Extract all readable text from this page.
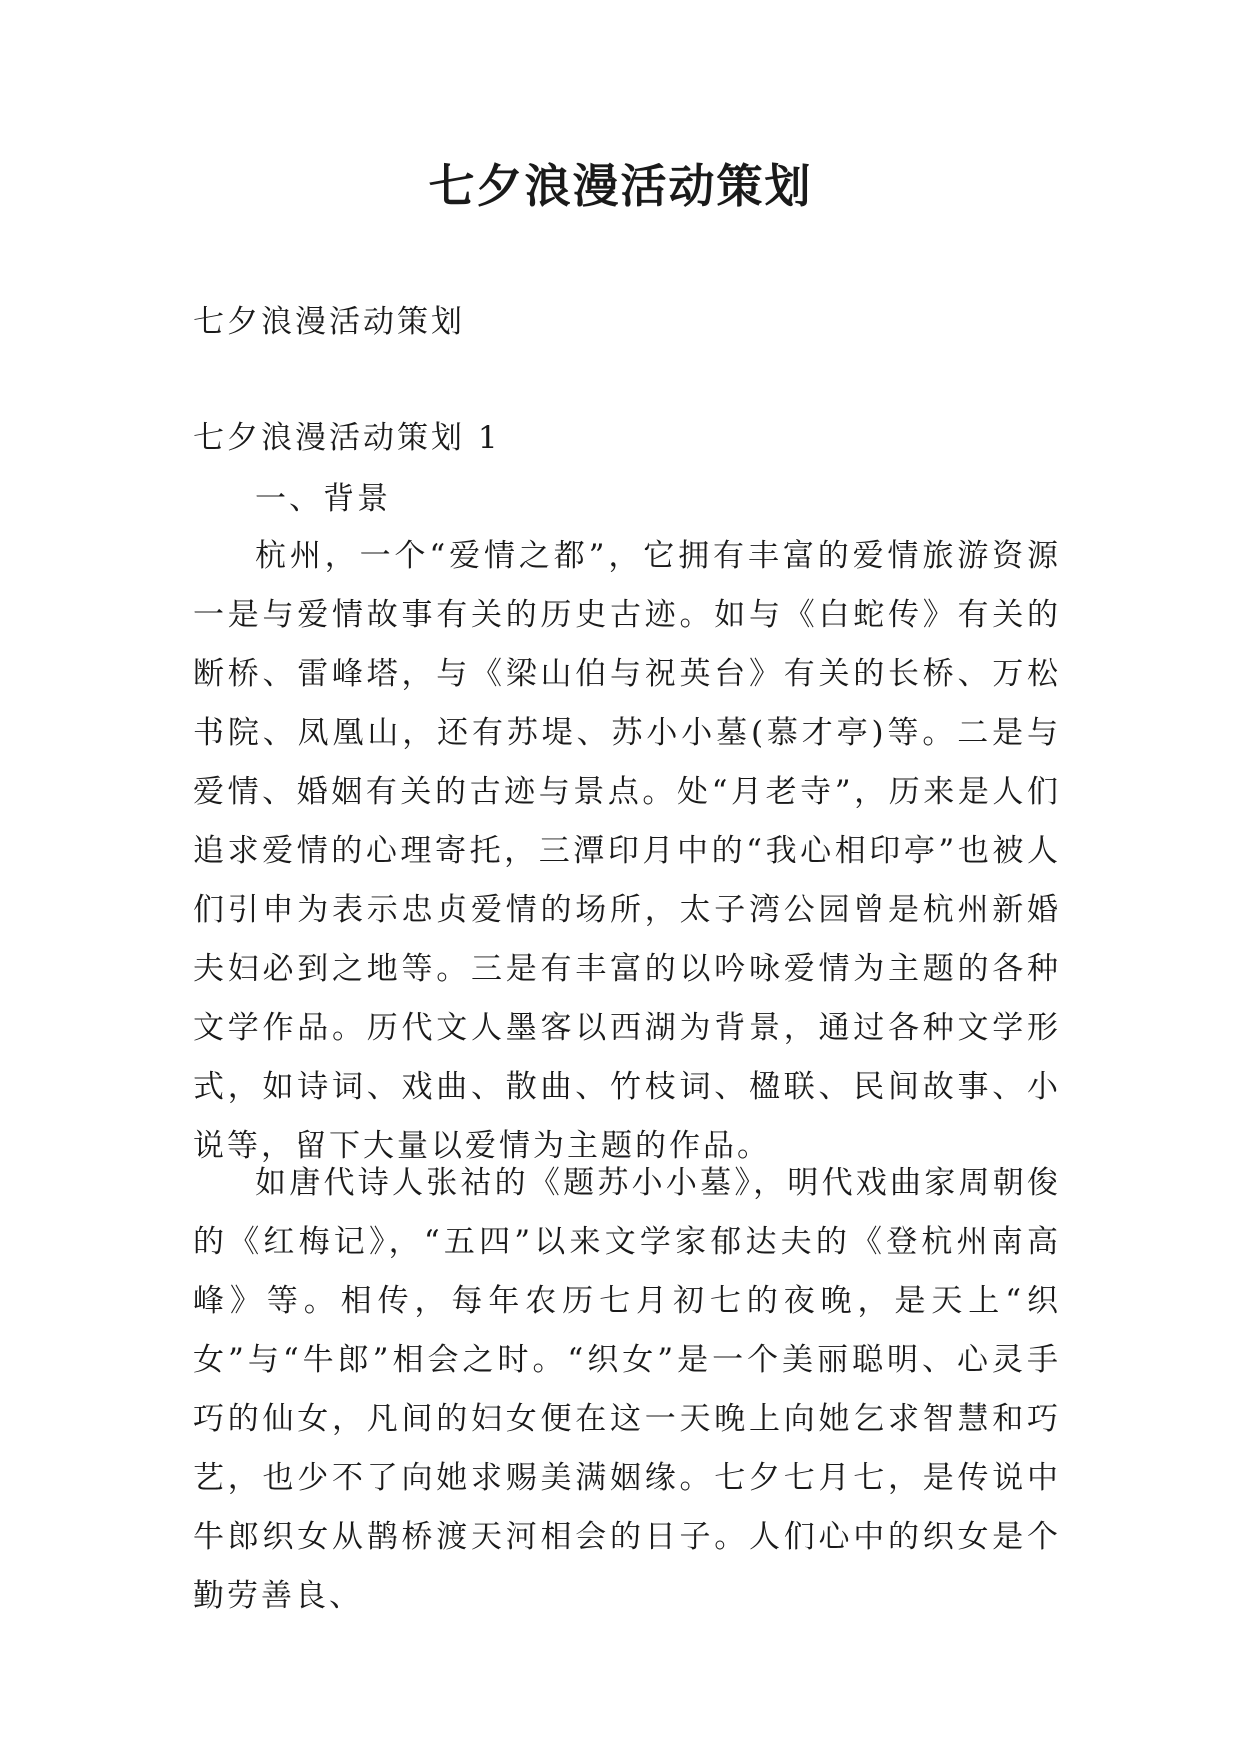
七夕浪漫活动策划

七夕浪漫活动策划

七夕浪漫活动策划 1

一、背景

杭州，一个“爱情之都”，它拥有丰富的爱情旅游资源一是与爱情故事有关的历史古迹。如与《白蛇传》有关的断桥、雷峰塔，与《梁山伯与祝英台》有关的长桥、万松书院、凤凰山，还有苏堤、苏小小墓(慕才亭)等。二是与爱情、婚姻有关的古迹与景点。处“月老寺”，历来是人们追求爱情的心理寄托，三潭印月中的“我心相印亭”也被人们引申为表示忠贞爱情的场所，太子湾公园曾是杭州新婚夫妇必到之地等。三是有丰富的以吟咏爱情为主题的各种文学作品。历代文人墨客以西湖为背景，通过各种文学形式，如诗词、戏曲、散曲、竹枝词、楹联、民间故事、小说等，留下大量以爱情为主题的作品。

如唐代诗人张祜的《题苏小小墓》，明代戏曲家周朝俊的《红梅记》，“五四”以来文学家郁达夫的《登杭州南高峰》等。相传，每年农历七月初七的夜晚，是天上“织女”与“牛郎”相会之时。“织女”是一个美丽聪明、心灵手巧的仙女，凡间的妇女便在这一天晚上向她乞求智慧和巧艺，也少不了向她求赐美满姻缘。七夕七月七，是传说中牛郎织女从鹊桥渡天河相会的日子。人们心中的织女是个勤劳善良、
